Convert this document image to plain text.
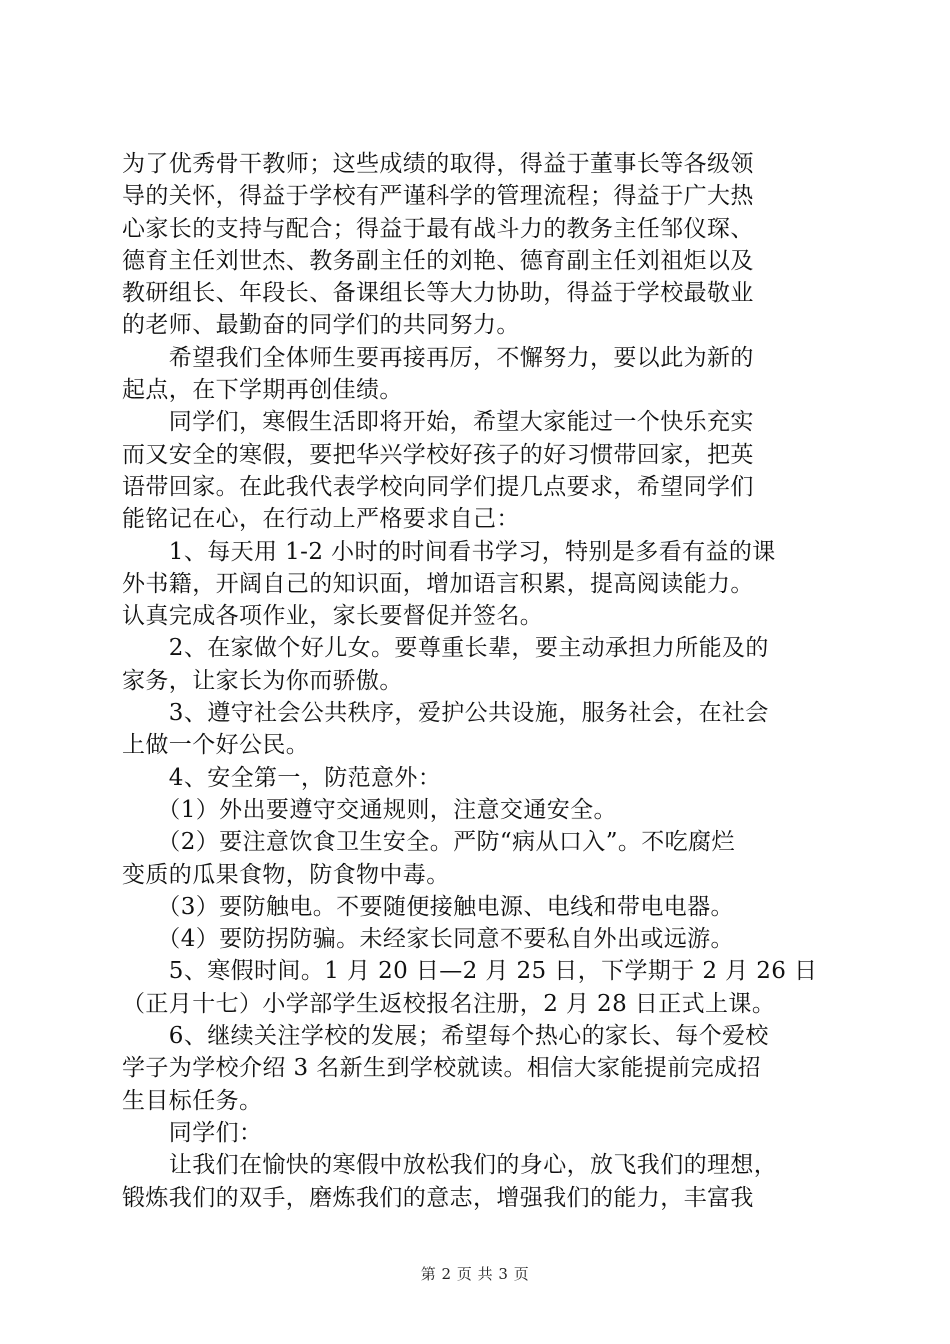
为了优秀骨干教师；这些成绩的取得，得益于董事长等各级领
导的关怀，得益于学校有严谨科学的管理流程；得益于广大热
心家长的支持与配合；得益于最有战斗力的教务主任邹仪琛、
德育主任刘世杰、教务副主任的刘艳、德育副主任刘祖炬以及
教研组长、年段长、备课组长等大力协助，得益于学校最敬业
的老师、最勤奋的同学们的共同努力。
　　希望我们全体师生要再接再厉，不懈努力，要以此为新的
起点，在下学期再创佳绩。
　　同学们，寒假生活即将开始，希望大家能过一个快乐充实
而又安全的寒假，要把华兴学校好孩子的好习惯带回家，把英
语带回家。在此我代表学校向同学们提几点要求，希望同学们
能铭记在心，在行动上严格要求自己：
　　1、每天用 1-2 小时的时间看书学习，特别是多看有益的课
外书籍，开阔自己的知识面，增加语言积累，提高阅读能力。
认真完成各项作业，家长要督促并签名。
　　2、在家做个好儿女。要尊重长辈，要主动承担力所能及的
家务，让家长为你而骄傲。
　　3、遵守社会公共秩序，爱护公共设施，服务社会，在社会
上做一个好公民。
　　4、安全第一，防范意外：
　　（1）外出要遵守交通规则，注意交通安全。
　　（2）要注意饮食卫生安全。严防“病从口入”。不吃腐烂
变质的瓜果食物，防食物中毒。
　　（3）要防触电。不要随便接触电源、电线和带电电器。
　　（4）要防拐防骗。未经家长同意不要私自外出或远游。
　　5、寒假时间。1 月 20 日—2 月 25 日，下学期于 2 月 26 日
（正月十七）小学部学生返校报名注册，2 月 28 日正式上课。
　　6、继续关注学校的发展；希望每个热心的家长、每个爱校
学子为学校介绍 3 名新生到学校就读。相信大家能提前完成招
生目标任务。
　　同学们：
　　让我们在愉快的寒假中放松我们的身心，放飞我们的理想，
锻炼我们的双手，磨炼我们的意志，增强我们的能力，丰富我
第 2 页 共 3 页
